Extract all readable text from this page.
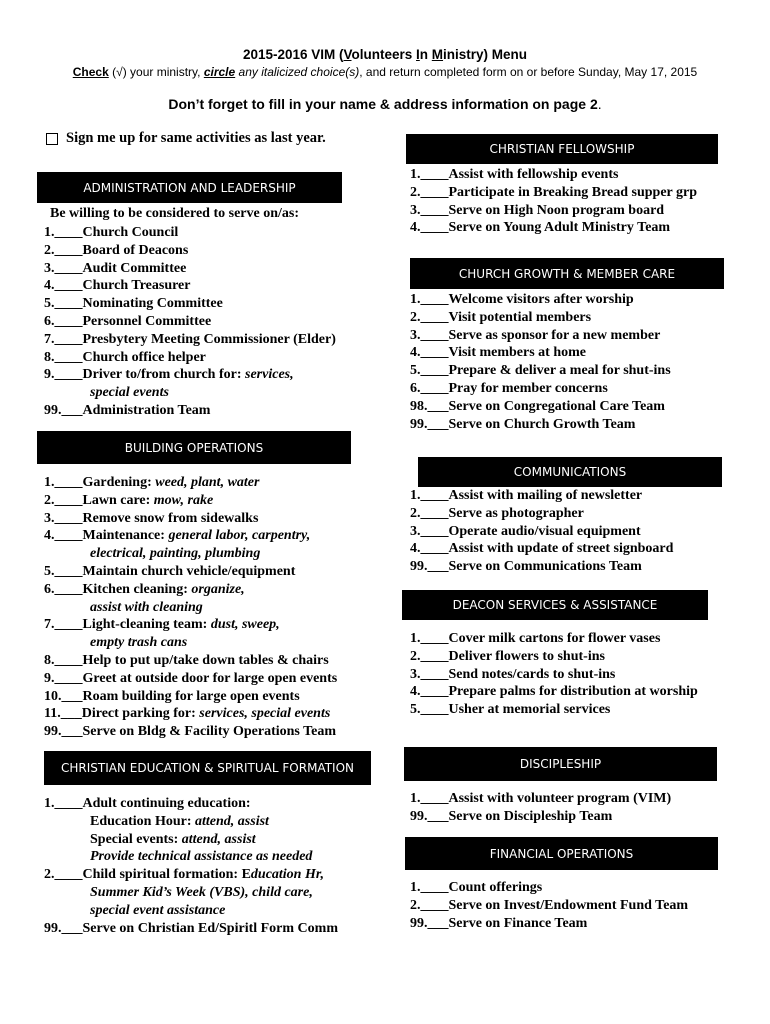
2015-2016 VIM (Volunteers In Ministry) Menu
Check (√) your ministry, circle any italicized choice(s), and return completed form on or before Sunday, May 17, 2015
Don’t forget to fill in your name & address information on page 2.
Sign me up for same activities as last year.
ADMINISTRATION AND LEADERSHIP
Be willing to be considered to serve on/as:
1.____Church Council
2.____Board of Deacons
3.____Audit Committee
4.____Church Treasurer
5.____Nominating Committee
6.____Personnel Committee
7.____Presbytery Meeting Commissioner (Elder)
8.____Church office helper
9.____Driver to/from church for: services,
special events
99.___Administration Team
BUILDING OPERATIONS
1.____Gardening: weed, plant, water
2.____Lawn care: mow, rake
3.____Remove snow from sidewalks
4.____Maintenance: general labor, carpentry,
electrical, painting, plumbing
5.____Maintain church vehicle/equipment
6.____Kitchen cleaning: organize,
assist with cleaning
7.____Light-cleaning team: dust, sweep,
empty trash cans
8.____Help to put up/take down tables & chairs
9.____Greet at outside door for large open events
10.___Roam building for large open events
11.___Direct parking for: services, special events
99.___Serve on Bldg & Facility Operations Team
CHRISTIAN EDUCATION & SPIRITUAL FORMATION
1.____Adult continuing education:
Education Hour: attend, assist
Special events: attend, assist
Provide technical assistance as needed
2.____Child spiritual formation: Education Hr,
Summer Kid’s Week (VBS), child care,
special event assistance
99.___Serve on Christian Ed/Spiritl Form Comm
CHRISTIAN FELLOWSHIP
1.____Assist with fellowship events
2.____Participate in Breaking Bread supper grp
3.____Serve on High Noon program board
4.____Serve on Young Adult Ministry Team
CHURCH GROWTH & MEMBER CARE
1.____Welcome visitors after worship
2.____Visit potential members
3.____Serve as sponsor for a new member
4.____Visit members at home
5.____Prepare & deliver a meal for shut-ins
6.____Pray for member concerns
98.___Serve on Congregational Care Team
99.___Serve on Church Growth Team
COMMUNICATIONS
1.____Assist with mailing of newsletter
2.____Serve as photographer
3.____Operate audio/visual equipment
4.____Assist with update of street signboard
99.___Serve on Communications Team
DEACON SERVICES & ASSISTANCE
1.____Cover milk cartons for flower vases
2.____Deliver flowers to shut-ins
3.____Send notes/cards to shut-ins
4.____Prepare palms for distribution at worship
5.____Usher at memorial services
DISCIPLESHIP
1.____Assist with volunteer program (VIM)
99.___Serve on Discipleship Team
FINANCIAL OPERATIONS
1.____Count offerings
2.____Serve on Invest/Endowment Fund Team
99.___Serve on Finance Team
